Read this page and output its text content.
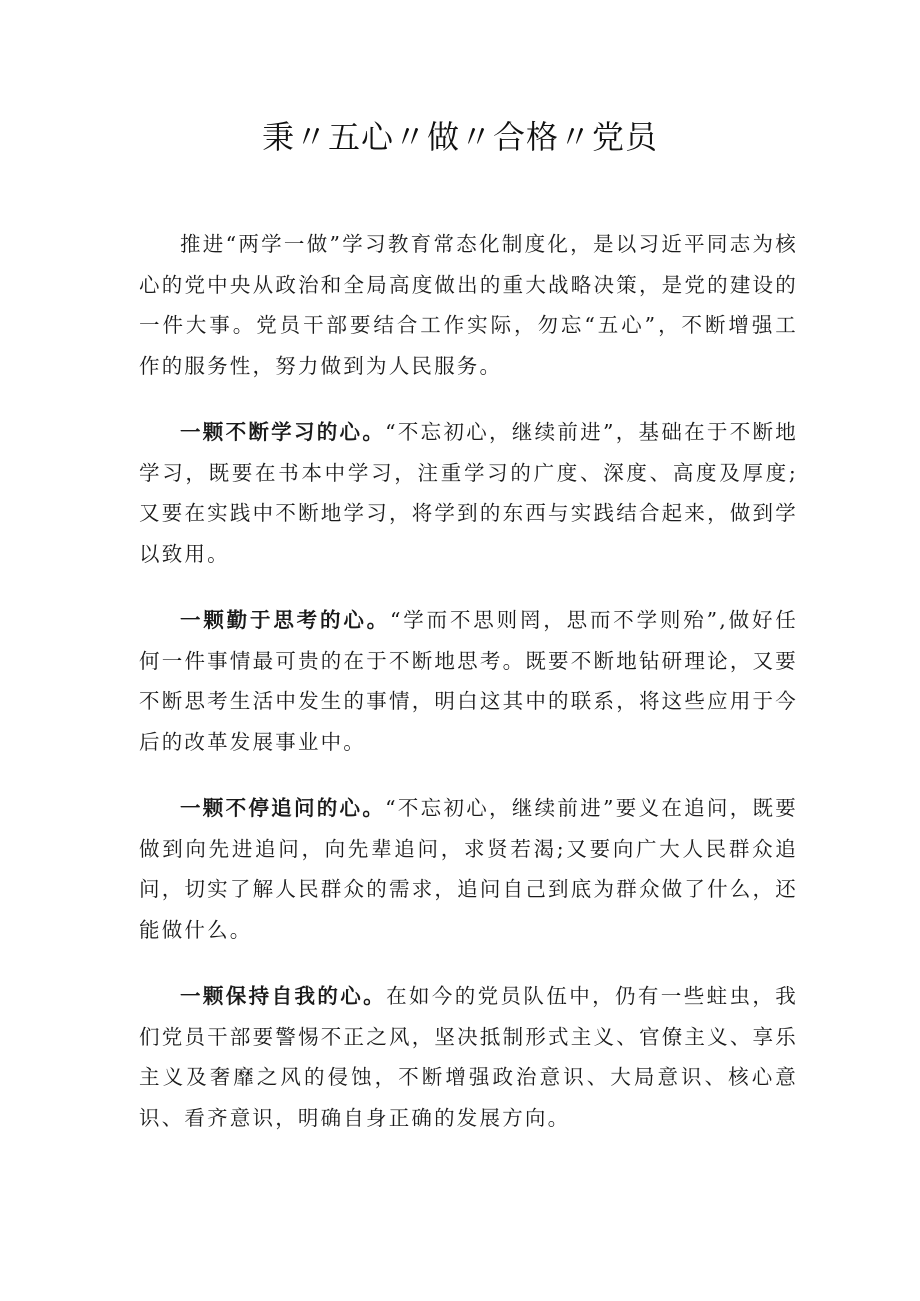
秉〃五心〃做〃合格〃党员

推进“两学一做”学习教育常态化制度化，是以习近平同志为核心的党中央从政治和全局高度做出的重大战略决策，是党的建设的一件大事。党员干部要结合工作实际，勿忘“五心”，不断增强工作的服务性，努力做到为人民服务。

一颗不断学习的心。“不忘初心，继续前进”，基础在于不断地学习，既要在书本中学习，注重学习的广度、深度、高度及厚度;又要在实践中不断地学习，将学到的东西与实践结合起来，做到学以致用。

一颗勤于思考的心。“学而不思则罔，思而不学则殆”,做好任何一件事情最可贵的在于不断地思考。既要不断地钻研理论，又要不断思考生活中发生的事情，明白这其中的联系，将这些应用于今后的改革发展事业中。

一颗不停追问的心。“不忘初心，继续前进”要义在追问，既要做到向先进追问，向先辈追问，求贤若渴;又要向广大人民群众追问，切实了解人民群众的需求，追问自己到底为群众做了什么，还能做什么。

一颗保持自我的心。在如今的党员队伍中，仍有一些蛀虫，我们党员干部要警惕不正之风，坚决抵制形式主义、官僚主义、享乐主义及奢靡之风的侵蚀，不断增强政治意识、大局意识、核心意识、看齐意识，明确自身正确的发展方向。
